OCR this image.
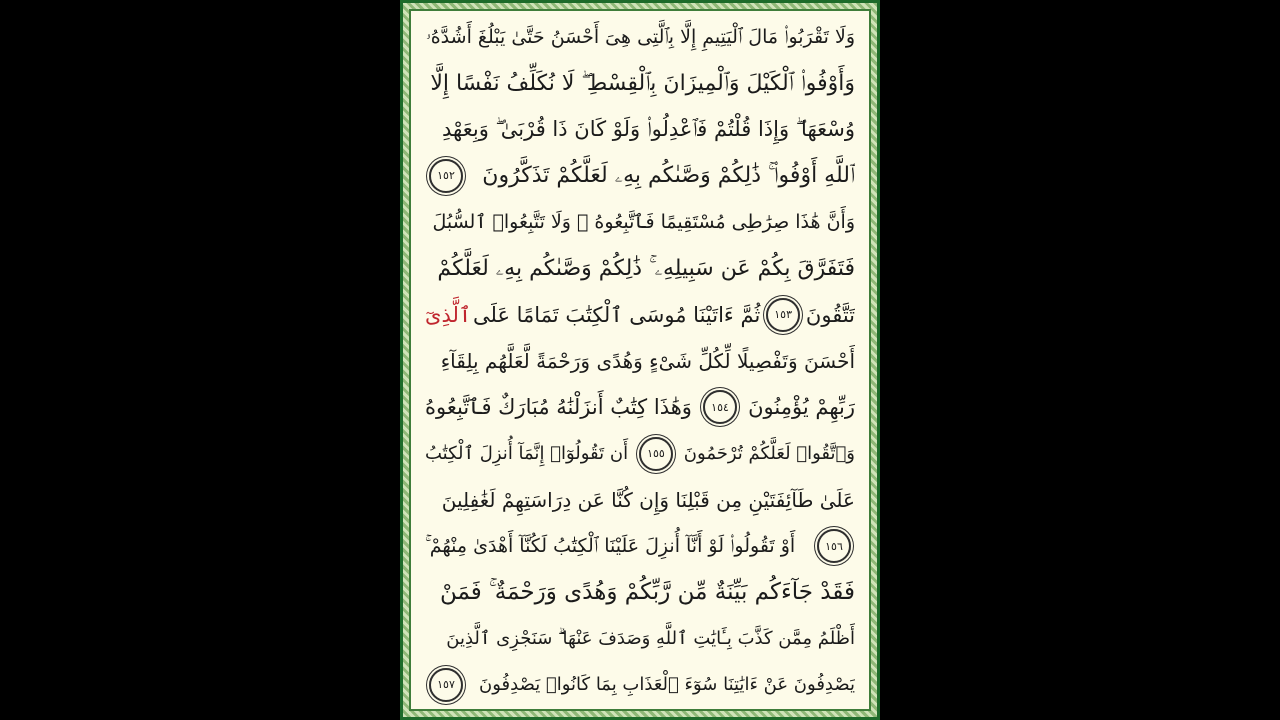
وَلَا تَقْرَبُوا۟ مَالَ ٱلْيَتِيمِ إِلَّا بِٱلَّتِى هِىَ أَحْسَنُ حَتَّىٰ يَبْلُغَ أَشُدَّهُۥ
وَأَوْفُوا۟ ٱلْكَيْلَ وَٱلْمِيزَانَ بِٱلْقِسْطِ ۖ لَا نُكَلِّفُ نَفْسًا إِلَّا
وُسْعَهَا ۖ وَإِذَا قُلْتُمْ فَٱعْدِلُوا۟ وَلَوْ كَانَ ذَا قُرْبَىٰ ۖ وَبِعَهْدِ
ٱللَّهِ أَوْفُوا۟ ۚ ذَٰلِكُمْ وَصَّىٰكُم بِهِۦ لَعَلَّكُمْ تَذَكَّرُونَ
١٥٢
وَأَنَّ هَٰذَا صِرَٰطِى مُسْتَقِيمًا فَٱتَّبِعُوهُ ۖ وَلَا تَتَّبِعُوا۟ ٱلسُّبُلَ
فَتَفَرَّقَ بِكُمْ عَن سَبِيلِهِۦ ۚ ذَٰلِكُمْ وَصَّىٰكُم بِهِۦ لَعَلَّكُمْ
تَتَّقُونَ
١٥٣
ثُمَّ ءَاتَيْنَا مُوسَى ٱلْكِتَٰبَ تَمَامًا عَلَى
ٱلَّذِىٓ
أَحْسَنَ وَتَفْصِيلًا لِّكُلِّ شَىْءٍ وَهُدًى وَرَحْمَةً لَّعَلَّهُم بِلِقَآءِ
رَبِّهِمْ يُؤْمِنُونَ
١٥٤
وَهَٰذَا كِتَٰبٌ أَنزَلْنَٰهُ مُبَارَكٌ فَٱتَّبِعُوهُ
وَٱتَّقُوا۟ لَعَلَّكُمْ تُرْحَمُونَ
١٥٥
أَن تَقُولُوٓا۟ إِنَّمَآ أُنزِلَ ٱلْكِتَٰبُ
عَلَىٰ طَآئِفَتَيْنِ مِن قَبْلِنَا وَإِن كُنَّا عَن دِرَاسَتِهِمْ لَغَٰفِلِينَ
١٥٦
أَوْ تَقُولُوا۟ لَوْ أَنَّآ أُنزِلَ عَلَيْنَا ٱلْكِتَٰبُ لَكُنَّآ أَهْدَىٰ مِنْهُمْ ۚ
فَقَدْ جَآءَكُم بَيِّنَةٌ مِّن رَّبِّكُمْ وَهُدًى وَرَحْمَةٌ ۚ فَمَنْ
أَظْلَمُ مِمَّن كَذَّبَ بِـَٔايَٰتِ ٱللَّهِ وَصَدَفَ عَنْهَا ۗ سَنَجْزِى ٱلَّذِينَ
يَصْدِفُونَ عَنْ ءَايَٰتِنَا سُوٓءَ ٱلْعَذَابِ بِمَا كَانُوا۟ يَصْدِفُونَ
١٥٧
